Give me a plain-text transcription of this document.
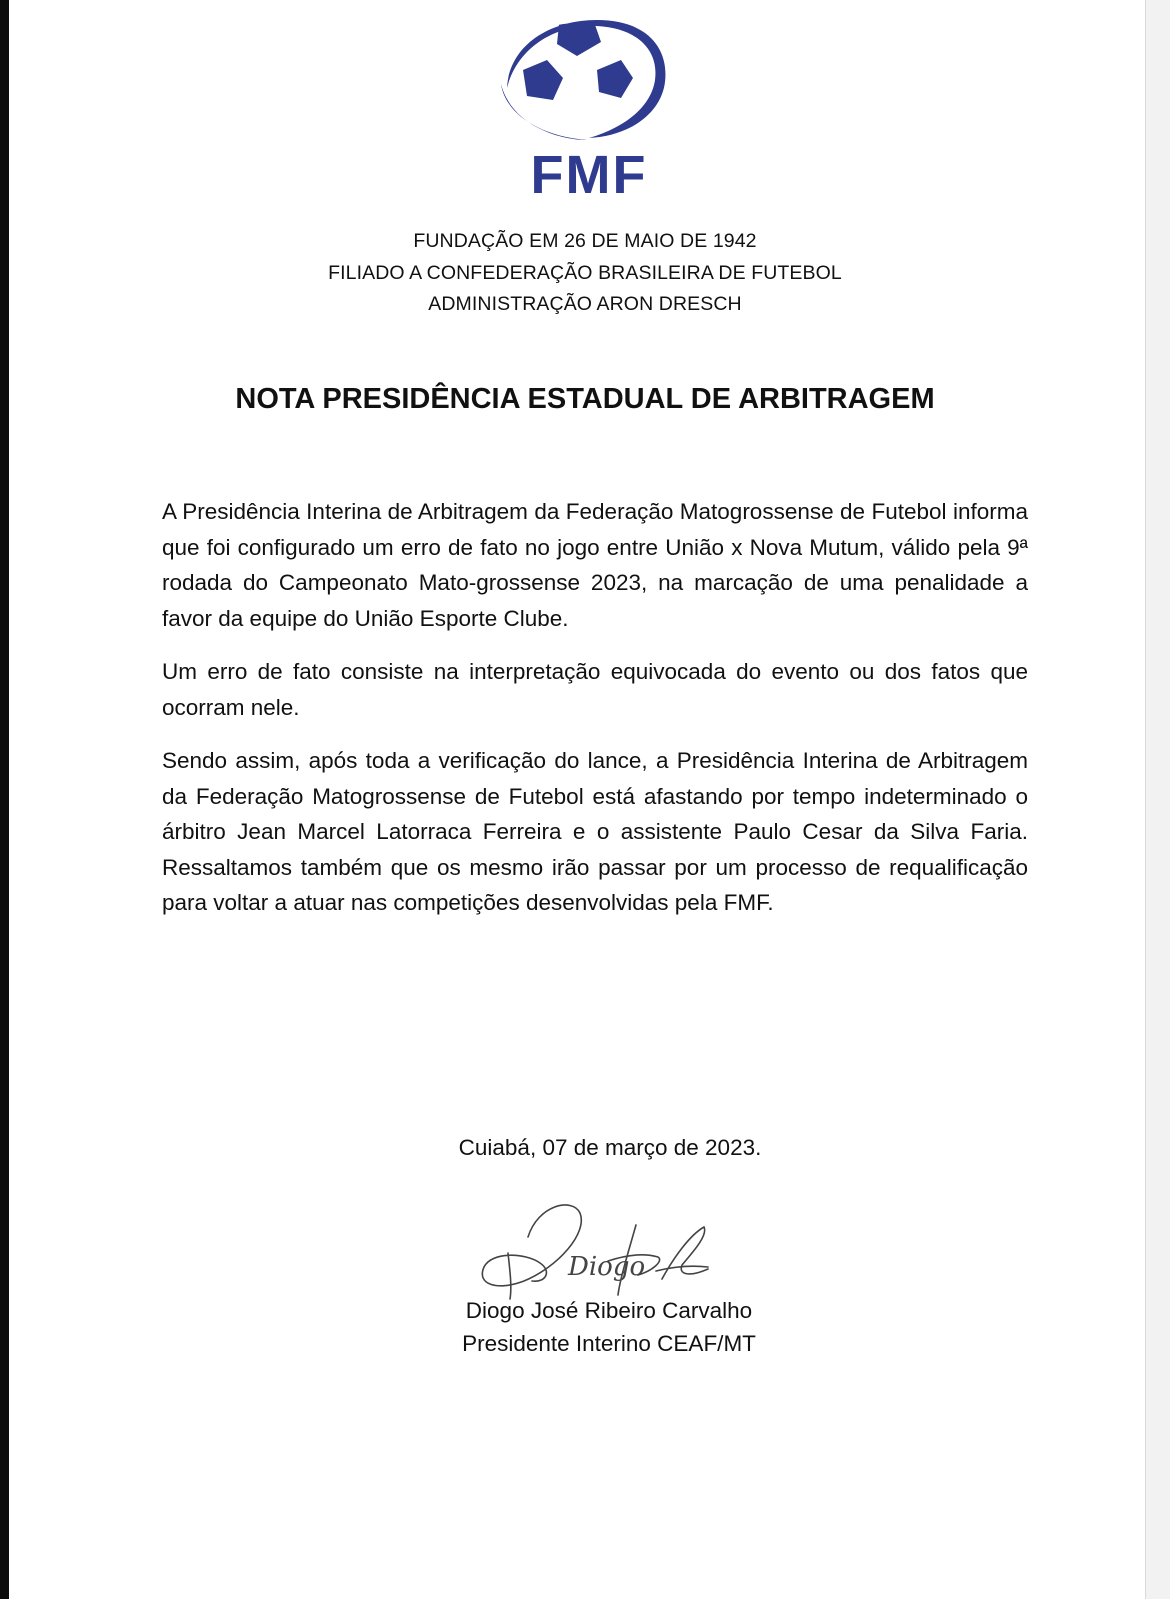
FMF
FUNDAÇÃO EM 26 DE MAIO DE 1942
FILIADO A CONFEDERAÇÃO BRASILEIRA DE FUTEBOL
ADMINISTRAÇÃO ARON DRESCH
NOTA PRESIDÊNCIA ESTADUAL DE ARBITRAGEM

A Presidência Interina de Arbitragem da Federação Matogrossense de Futebol informa que foi configurado um erro de fato no jogo entre União x Nova Mutum, válido pela 9ª rodada do Campeonato Mato-grossense 2023, na marcação de uma penalidade a favor da equipe do União Esporte Clube.

Um erro de fato consiste na interpretação equivocada do evento ou dos fatos que ocorram nele.

Sendo assim, após toda a verificação do lance, a Presidência Interina de Arbitragem da Federação Matogrossense de Futebol está afastando por tempo indeterminado o árbitro Jean Marcel Latorraca Ferreira e o assistente Paulo Cesar da Silva Faria. Ressaltamos também que os mesmo irão passar por um processo de requalificação para voltar a atuar nas competições desenvolvidas pela FMF.

Cuiabá, 07 de março de 2023.
Diogo
Diogo José Ribeiro Carvalho
Presidente Interino CEAF/MT
